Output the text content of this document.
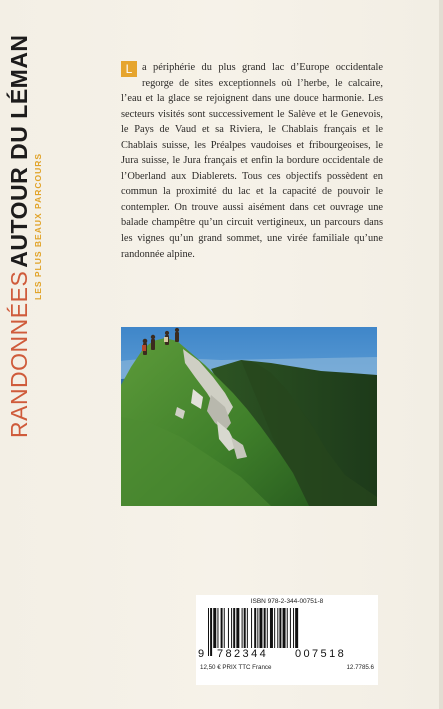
RANDONNÉESAUTOUR DU LÉMAN LES PLUS BEAUX PARCOURS
L a périphérie du plus grand lac d’Europe occidentale regorge de sites exceptionnels où l’herbe, le calcaire, l’eau et la glace se rejoignent dans une douce harmonie. Les secteurs visités sont successivement le Salève et le Genevois, le Pays de Vaud et sa Riviera, le Chablais français et le Chablais suisse, les Préalpes vaudoises et fribourgeoises, le Jura suisse, le Jura français et enfin la bordure occidentale de l’Oberland aux Diablerets. Tous ces objectifs possèdent en commun la proximité du lac et la capacité de pouvoir le contempler. On trouve aussi aisément dans cet ouvrage une balade champêtre qu’un circuit vertigineux, un parcours dans les vignes qu’un grand sommet, une virée familiale qu’une randonnée alpine.
ISBN 978-2-344-00751-8
9 782344	007518
12,50 € PRIX TTC France	12.7785.6
